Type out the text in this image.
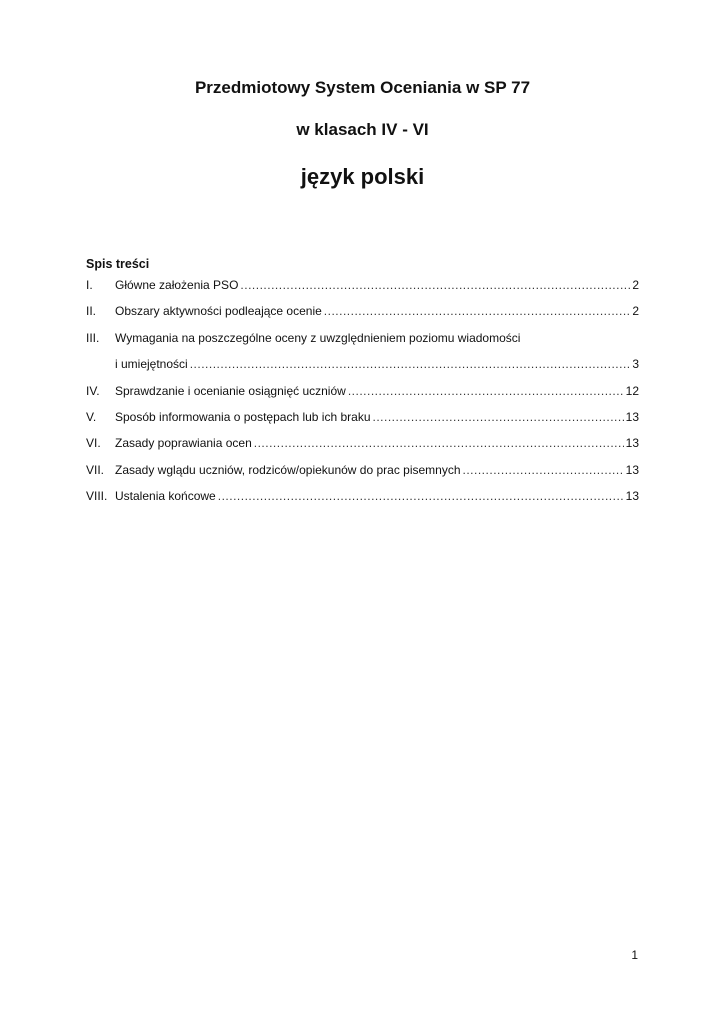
Przedmiotowy System Oceniania w SP 77
w klasach IV - VI
język polski
Spis treści
I.	Główne założenia PSO .....	2
II.	Obszary aktywności podleające ocenie .....	2
III.	Wymagania na poszczególne oceny z uwzględnieniem poziomu wiadomości
i umiejętności .....	3
IV.	Sprawdzanie i ocenianie osiągnięć uczniów .....	12
V.	Sposób informowania o postępach lub ich braku .....	13
VI.	Zasady poprawiania ocen .....	13
VII. Zasady wglądu uczniów, rodziców/opiekunów do prac pisemnych .....	13
VIII. Ustalenia końcowe .....	13
1
